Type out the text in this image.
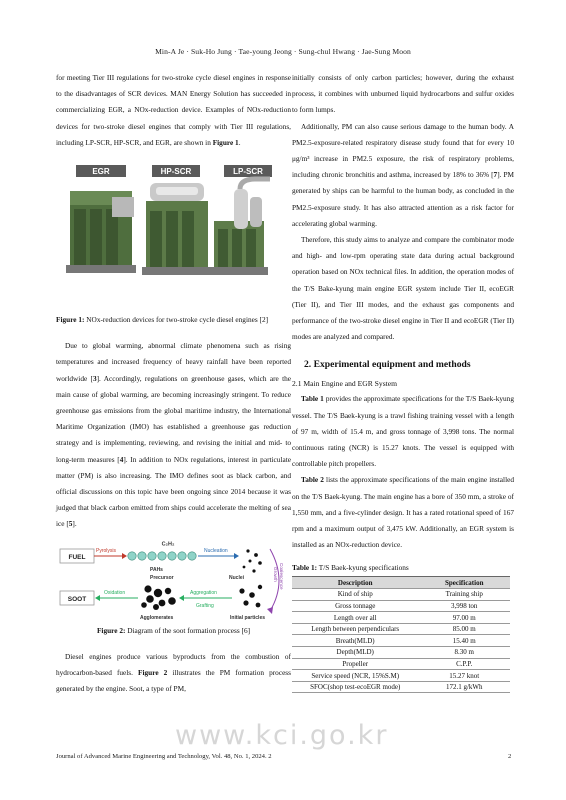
Min-A Je · Suk-Ho Jung · Tae-young Jeong · Sung-chul Hwang · Jae-Sung Moon

for meeting Tier III regulations for two-stroke cycle diesel engines in response to the disadvantages of SCR devices. MAN Energy Solution has succeeded in commercializing EGR, a NOx-reduction device. Examples of NOx-reduction devices for two-stroke diesel engines that comply with Tier III regulations, including LP-SCR, HP-SCR, and EGR, are shown in Figure 1.

EGR	HP-SCR	LP-SCR

Figure 1: NOx-reduction devices for two-stroke cycle diesel engines [2]

Due to global warming, abnormal climate phenomena such as rising temperatures and increased frequency of heavy rainfall have been reported worldwide [3]. Accordingly, regulations on greenhouse gases, which are the main cause of global warming, are becoming increasingly stringent. To reduce greenhouse gas emissions from the global maritime industry, the International Maritime Organization (IMO) has established a greenhouse gas reduction strategy and is implementing, reviewing, and revising the initial and mid- to long-term measures [4]. In addition to NOx regulations, interest in particulate matter (PM) is also increasing. The IMO defines soot as black carbon, and official discussions on this topic have been ongoing since 2014 because it was judged that black carbon emitted from ships could accelerate the melting of sea ice [5].

FUEL
Pyrolysis
C₂H₂
PAHs
Nucleation
Precursor	Nuclei	Coalescence
Growth
SOOT
Oxidation
Agglomerates
Aggregation
Grafting
Initial particles

Figure 2: Diagram of the soot formation process [6]

Diesel engines produce various byproducts from the combustion of hydrocarbon-based fuels. Figure 2 illustrates the PM formation process generated by the engine. Soot, a type of PM,

initially consists of only carbon particles; however, during the exhaust process, it combines with unburned liquid hydrocarbons and sulfur oxides to form lumps.

Additionally, PM can also cause serious damage to the human body. A PM2.5-exposure-related respiratory disease study found that for every 10 μg/m³ increase in PM2.5 exposure, the risk of respiratory problems, including chronic bronchitis and asthma, increased by 18% to 36% [7]. PM generated by ships can be harmful to the human body, as concluded in the PM2.5-exposure study. It has also attracted attention as a risk factor for accelerating global warming.

Therefore, this study aims to analyze and compare the combinator mode and high- and low-rpm operating state data during actual background operation based on NOx technical files. In addition, the operation modes of the T/S Bake-kyung main engine EGR system include Tier II, ecoEGR (Tier II), and Tier III modes, and the exhaust gas components and performance of the two-stroke diesel engine in Tier II and ecoEGR (Tier II) modes are analyzed and compared.

2. Experimental equipment and methods
2.1 Main Engine and EGR System

Table 1 provides the approximate specifications for the T/S Baek-kyung vessel. The T/S Baek-kyung is a trawl fishing training vessel with a length of 97 m, width of 15.4 m, and gross tonnage of 3,998 tons. The normal continuous rating (NCR) is 15.27 knots. The vessel is equipped with controllable pitch propellers.

Table 2 lists the approximate specifications of the main engine installed on the T/S Baek-kyung. The main engine has a bore of 350 mm, a stroke of 1,550 mm, and a five-cylinder design. It has a rated rotational speed of 167 rpm and a maximum output of 3,475 kW. Additionally, an EGR system is installed as an NOx-reduction device.

Table 1: T/S Baek-kyung specifications

Description	Specification
Kind of ship	Training ship
Gross tonnage	3,998 ton
Length over all	97.00 m
Length between perpendiculars	85.00 m
Breath(MLD)	15.40 m
Depth(MLD)	8.30 m
Propeller	C.P.P.
Service speed (NCR, 15%S.M)	15.27 knot
SFOC(shop test-ecoEGR mode)	172.1 g/kWh
www.kci.go.kr
Journal of Advanced Marine Engineering and Technology, Vol. 48, No. 1, 2024. 2	2
